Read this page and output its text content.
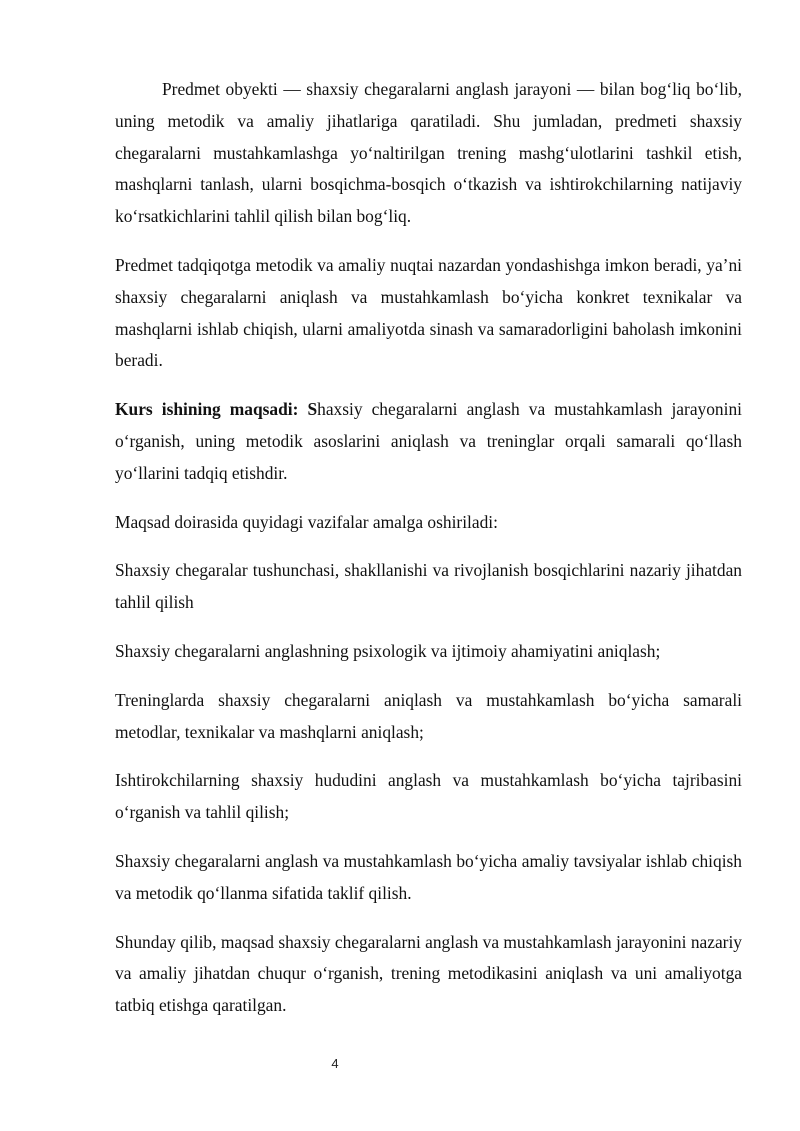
Predmet obyekti — shaxsiy chegaralarni anglash jarayoni — bilan bog‘liq bo‘lib, uning metodik va amaliy jihatlariga qaratiladi. Shu jumladan, predmeti shaxsiy chegaralarni mustahkamlashga yo‘naltirilgan trening mashg‘ulotlarini tashkil etish, mashqlarni tanlash, ularni bosqichma-bosqich o‘tkazish va ishtirokchilarning natijaviy ko‘rsatkichlarini tahlil qilish bilan bog‘liq.

Predmet tadqiqotga metodik va amaliy nuqtai nazardan yondashishga imkon beradi, ya’ni shaxsiy chegaralarni aniqlash va mustahkamlash bo‘yicha konkret texnikalar va mashqlarni ishlab chiqish, ularni amaliyotda sinash va samaradorligini baholash imkonini beradi.

Kurs ishining maqsadi: Shaxsiy chegaralarni anglash va mustahkamlash jarayonini o‘rganish, uning metodik asoslarini aniqlash va treninglar orqali samarali qo‘llash yo‘llarini tadqiq etishdir.

Maqsad doirasida quyidagi vazifalar amalga oshiriladi:

Shaxsiy chegaralar tushunchasi, shakllanishi va rivojlanish bosqichlarini nazariy jihatdan tahlil qilish

Shaxsiy chegaralarni anglashning psixologik va ijtimoiy ahamiyatini aniqlash;

Treninglarda shaxsiy chegaralarni aniqlash va mustahkamlash bo‘yicha samarali metodlar, texnikalar va mashqlarni aniqlash;

Ishtirokchilarning shaxsiy hududini anglash va mustahkamlash bo‘yicha tajribasini o‘rganish va tahlil qilish;

Shaxsiy chegaralarni anglash va mustahkamlash bo‘yicha amaliy tavsiyalar ishlab chiqish va metodik qo‘llanma sifatida taklif qilish.

Shunday qilib, maqsad shaxsiy chegaralarni anglash va mustahkamlash jarayonini nazariy va amaliy jihatdan chuqur o‘rganish, trening metodikasini aniqlash va uni amaliyotga tatbiq etishga qaratilgan.

4
